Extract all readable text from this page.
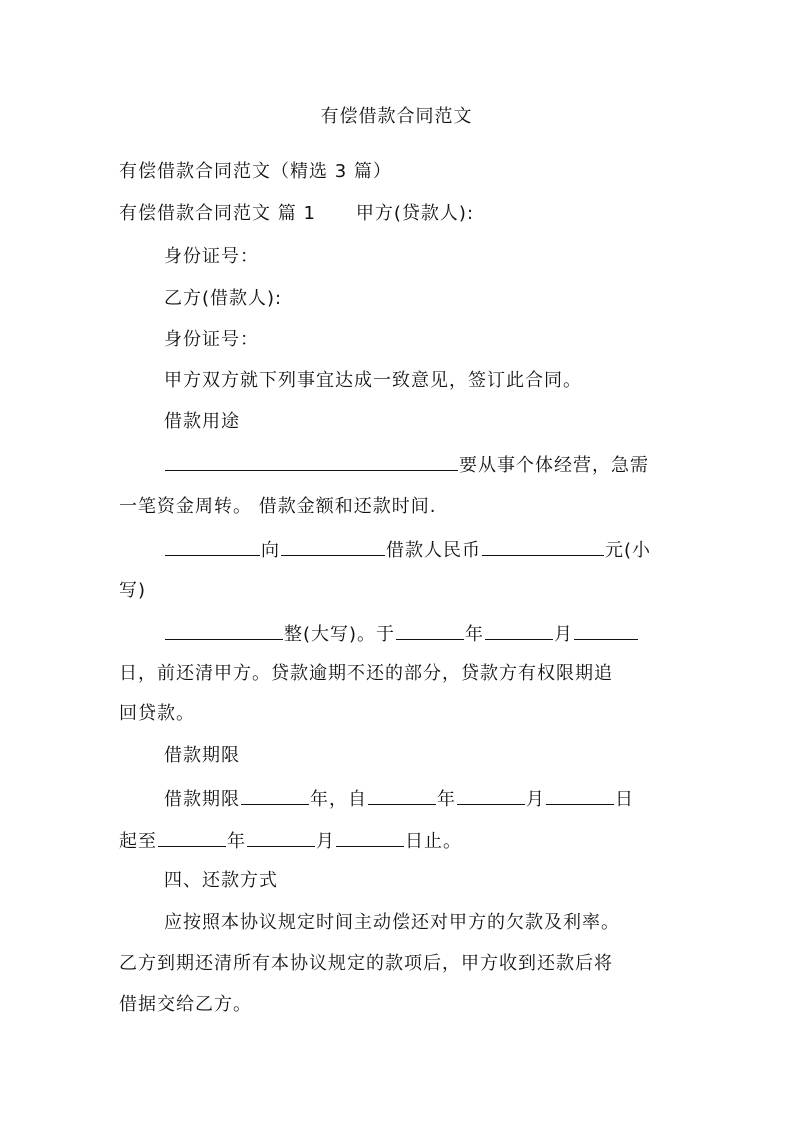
有偿借款合同范文
有偿借款合同范文（精选 3 篇）
有偿借款合同范文 篇 1 甲方(贷款人):
身份证号：
乙方(借款人):
身份证号：
甲方双方就下列事宜达成一致意见，签订此合同。
借款用途
要从事个体经营，急需
一笔资金周转。 借款金额和还款时间.
向	借款人民币	元(小
写)
整(大写)。于	年	月
日，前还清甲方。贷款逾期不还的部分，贷款方有权限期追
回贷款。
借款期限
借款期限	年，自	年	月	日
起至	年	月	日止。
四、还款方式
应按照本协议规定时间主动偿还对甲方的欠款及利率。
乙方到期还清所有本协议规定的款项后，甲方收到还款后将
借据交给乙方。
